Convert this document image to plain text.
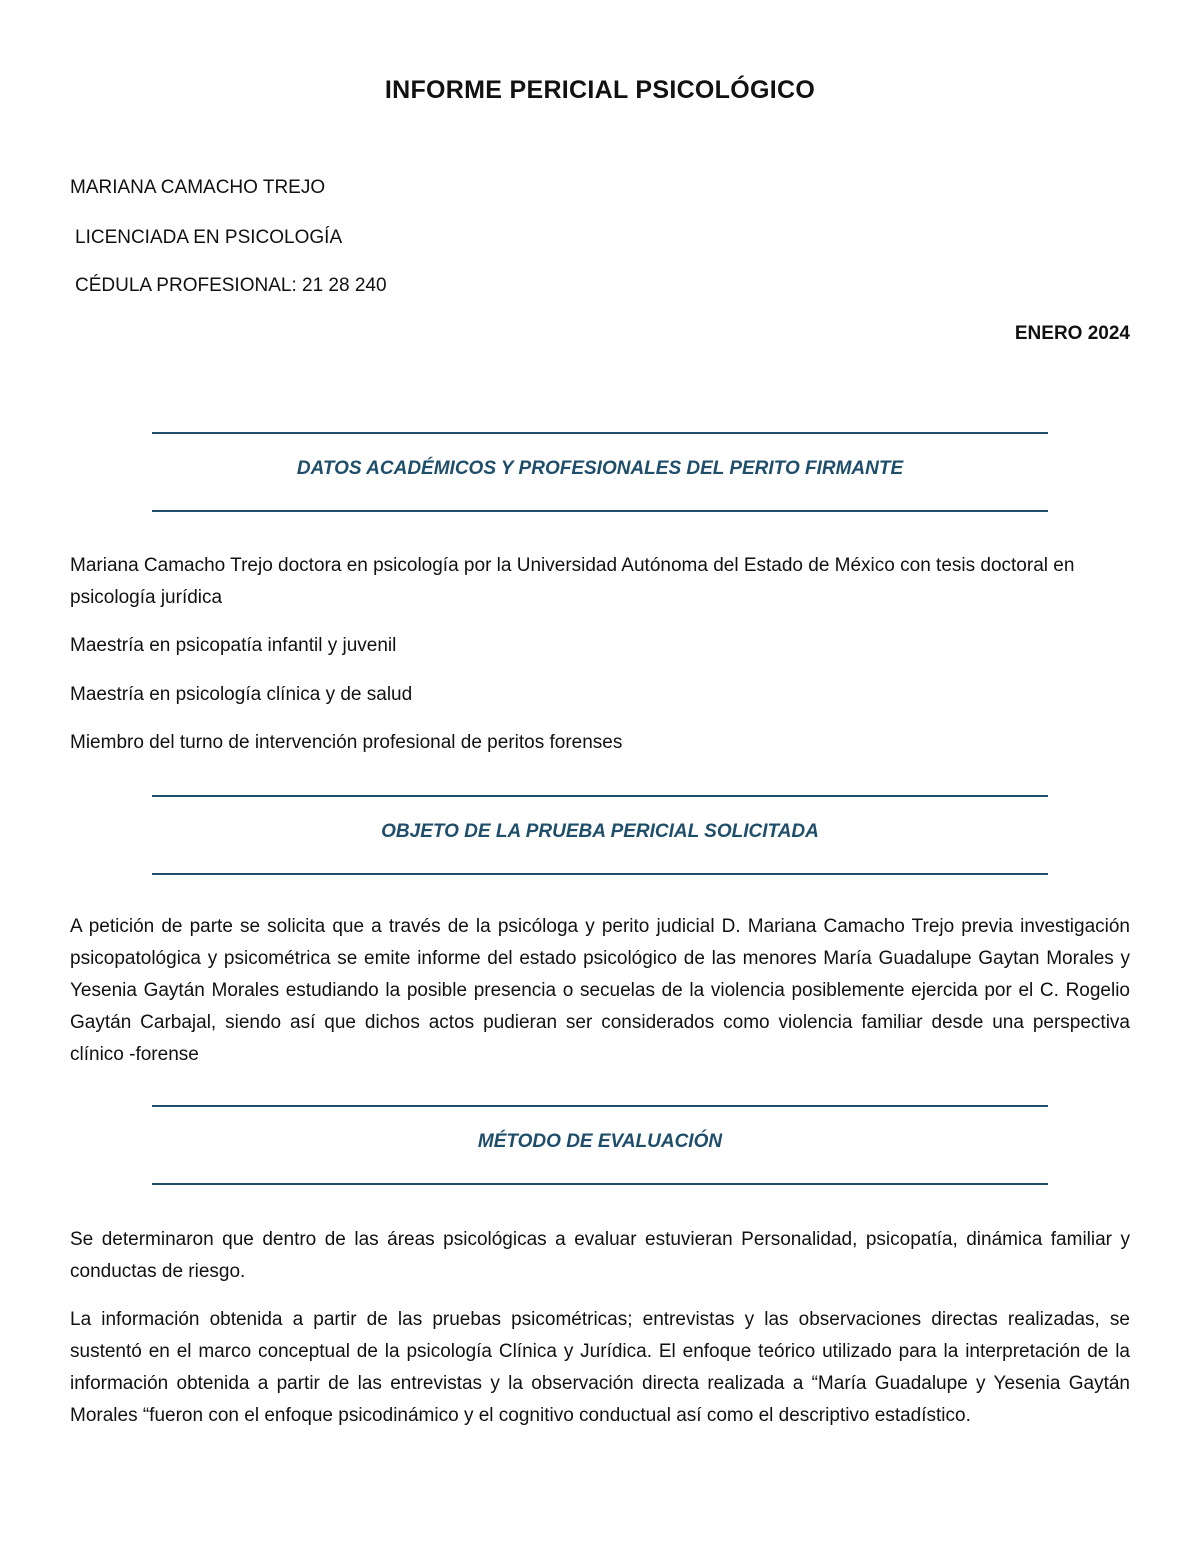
INFORME PERICIAL PSICOLÓGICO

MARIANA CAMACHO TREJO

LICENCIADA EN PSICOLOGÍA

CÉDULA PROFESIONAL: 21 28 240

ENERO 2024

DATOS ACADÉMICOS Y PROFESIONALES DEL PERITO FIRMANTE

Mariana Camacho Trejo doctora en psicología por la Universidad Autónoma del Estado de México con tesis doctoral en psicología jurídica

Maestría en psicopatía infantil y juvenil

Maestría en psicología clínica y de salud

Miembro del turno de intervención profesional de peritos forenses

OBJETO DE LA PRUEBA PERICIAL SOLICITADA

A petición de parte se solicita que a través de la psicóloga y perito judicial D. Mariana Camacho Trejo previa investigación psicopatológica y psicométrica se emite informe del estado psicológico de las menores María Guadalupe Gaytan Morales y Yesenia Gaytán Morales estudiando la posible presencia o secuelas de la violencia posiblemente ejercida por el C. Rogelio Gaytán Carbajal, siendo así que dichos actos pudieran ser considerados como violencia familiar desde una perspectiva clínico -forense

MÉTODO DE EVALUACIÓN

Se determinaron que dentro de las áreas psicológicas a evaluar estuvieran Personalidad, psicopatía, dinámica familiar y conductas de riesgo.

La información obtenida a partir de las pruebas psicométricas; entrevistas y las observaciones directas realizadas, se sustentó en el marco conceptual de la psicología Clínica y Jurídica. El enfoque teórico utilizado para la interpretación de la información obtenida a partir de las entrevistas y la observación directa realizada a “María Guadalupe y Yesenia Gaytán Morales “fueron con el enfoque psicodinámico y el cognitivo conductual así como el descriptivo estadístico.
